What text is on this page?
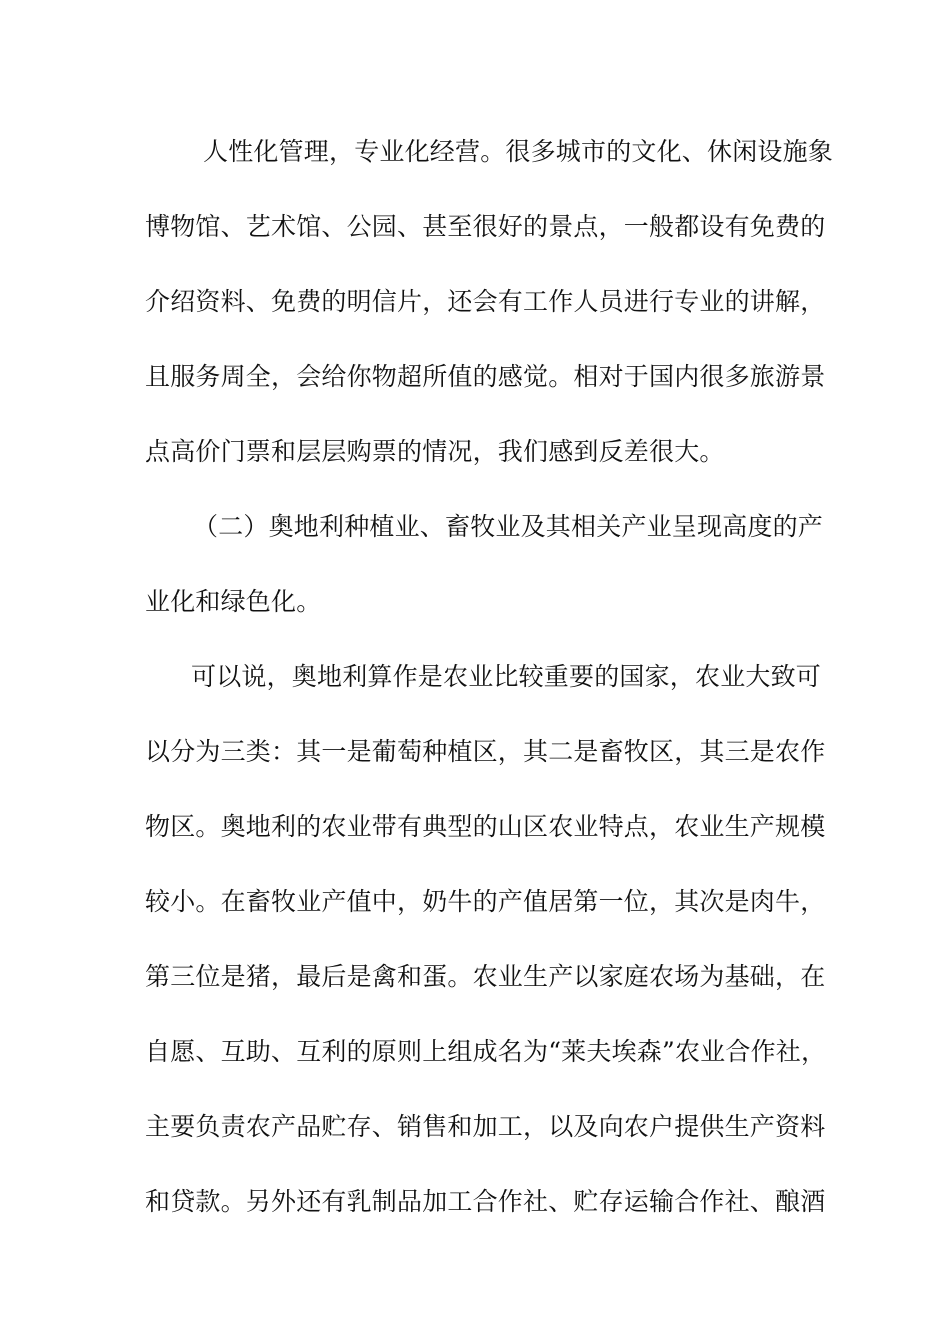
人性化管理，专业化经营。很多城市的文化、休闲设施象
博物馆、艺术馆、公园、甚至很好的景点，一般都设有免费的
介绍资料、免费的明信片，还会有工作人员进行专业的讲解，
且服务周全，会给你物超所值的感觉。相对于国内很多旅游景
点高价门票和层层购票的情况，我们感到反差很大。
（二）奥地利种植业、畜牧业及其相关产业呈现高度的产
业化和绿色化。
可以说，奥地利算作是农业比较重要的国家，农业大致可
以分为三类：其一是葡萄种植区，其二是畜牧区，其三是农作
物区。奥地利的农业带有典型的山区农业特点，农业生产规模
较小。在畜牧业产值中，奶牛的产值居第一位，其次是肉牛，
第三位是猪，最后是禽和蛋。农业生产以家庭农场为基础，在
自愿、互助、互利的原则上组成名为“莱夫埃森”农业合作社，
主要负责农产品贮存、销售和加工，以及向农户提供生产资料
和贷款。另外还有乳制品加工合作社、贮存运输合作社、酿酒
